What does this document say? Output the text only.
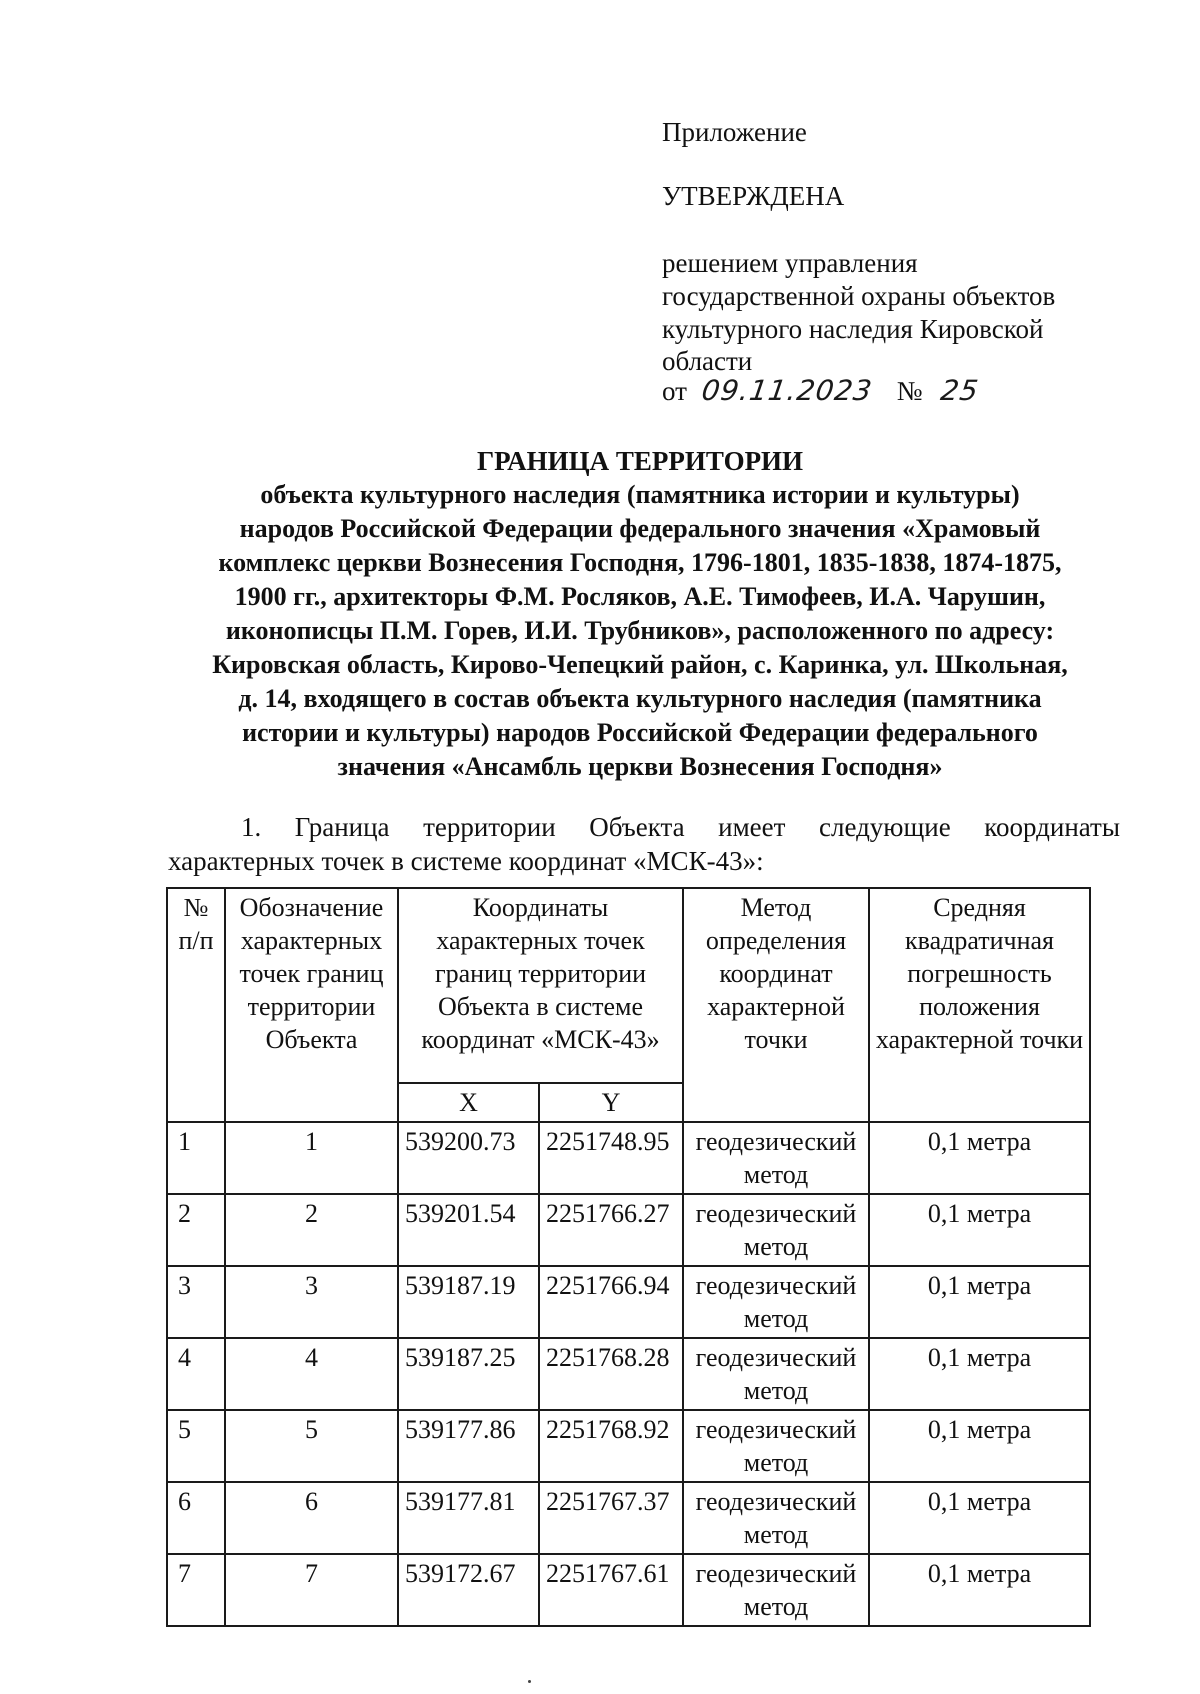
Приложение
УТВЕРЖДЕНА
решением управления
государственной охраны объектов
культурного наследия Кировской
области
от 09.11.2023 № 25
ГРАНИЦА ТЕРРИТОРИИ
объекта культурного наследия (памятника истории и культуры)
народов Российской Федерации федерального значения «Храмовый
комплекс церкви Вознесения Господня, 1796-1801, 1835-1838, 1874-1875,
1900 гг., архитекторы Ф.М. Росляков, А.Е. Тимофеев, И.А. Чарушин,
иконописцы П.М. Горев, И.И. Трубников», расположенного по адресу:
Кировская область, Кирово-Чепецкий район, с. Каринка, ул. Школьная,
д. 14, входящего в состав объекта культурного наследия (памятника
истории и культуры) народов Российской Федерации федерального
значения «Ансамбль церкви Вознесения Господня»
1. Граница территории Объекта имеет следующие координаты
характерных точек в системе координат «МСК-43»:
№ п/п	Обозначение характерных точек границ территории Объекта	Координаты характерных точек границ территории Объекта в системе координат «МСК-43»		Метод определения координат характерной точки	Средняя квадратичная погрешность положения характерной точки
		X	Y		
1	1	539200.73	2251748.95	геодезический метод	0,1 метра
2	2	539201.54	2251766.27	геодезический метод	0,1 метра
3	3	539187.19	2251766.94	геодезический метод	0,1 метра
4	4	539187.25	2251768.28	геодезический метод	0,1 метра
5	5	539177.86	2251768.92	геодезический метод	0,1 метра
6	6	539177.81	2251767.37	геодезический метод	0,1 метра
7	7	539172.67	2251767.61	геодезический метод	0,1 метра
